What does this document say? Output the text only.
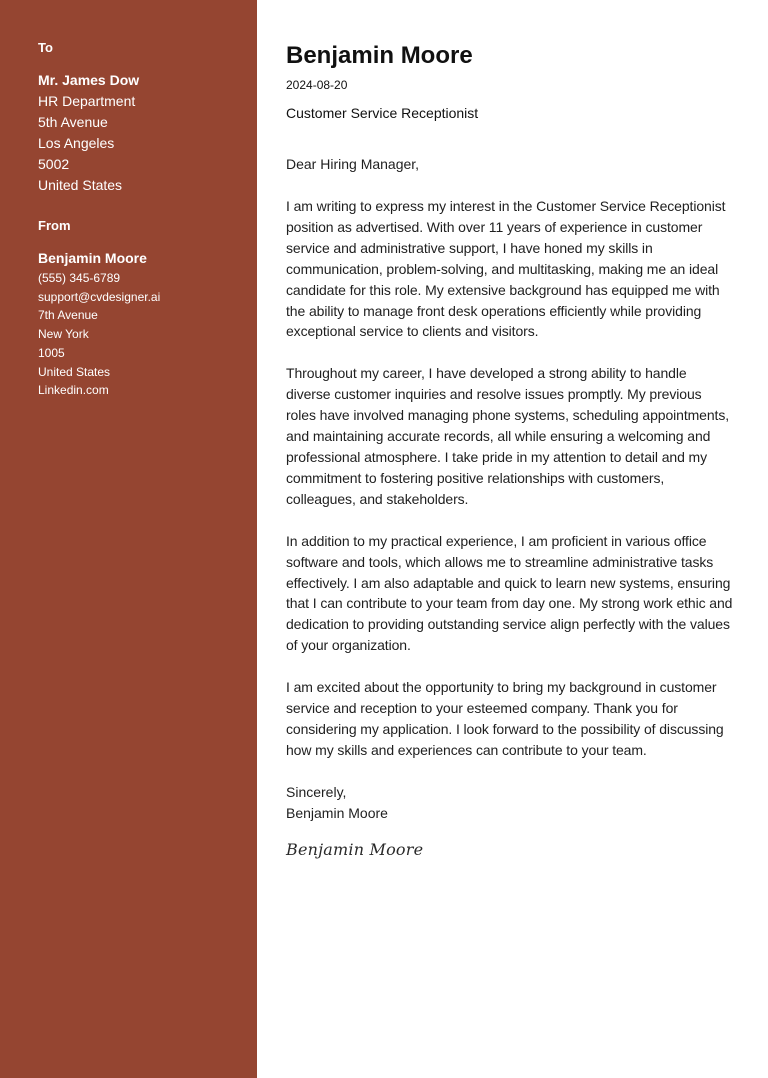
To
Mr. James Dow
HR Department
5th Avenue
Los Angeles
5002
United States
From
Benjamin Moore
(555) 345-6789
support@cvdesigner.ai
7th Avenue
New York
1005
United States
Linkedin.com
Benjamin Moore
2024-08-20
Customer Service Receptionist
Dear Hiring Manager,

I am writing to express my interest in the Customer Service Receptionist position as advertised. With over 11 years of experience in customer service and administrative support, I have honed my skills in communication, problem-solving, and multitasking, making me an ideal candidate for this role. My extensive background has equipped me with the ability to manage front desk operations efficiently while providing exceptional service to clients and visitors.

Throughout my career, I have developed a strong ability to handle diverse customer inquiries and resolve issues promptly. My previous roles have involved managing phone systems, scheduling appointments, and maintaining accurate records, all while ensuring a welcoming and professional atmosphere. I take pride in my attention to detail and my commitment to fostering positive relationships with customers, colleagues, and stakeholders.

In addition to my practical experience, I am proficient in various office software and tools, which allows me to streamline administrative tasks effectively. I am also adaptable and quick to learn new systems, ensuring that I can contribute to your team from day one. My strong work ethic and dedication to providing outstanding service align perfectly with the values of your organization.

I am excited about the opportunity to bring my background in customer service and reception to your esteemed company. Thank you for considering my application. I look forward to the possibility of discussing how my skills and experiences can contribute to your team.

Sincerely,
Benjamin Moore
Benjamin Moore
